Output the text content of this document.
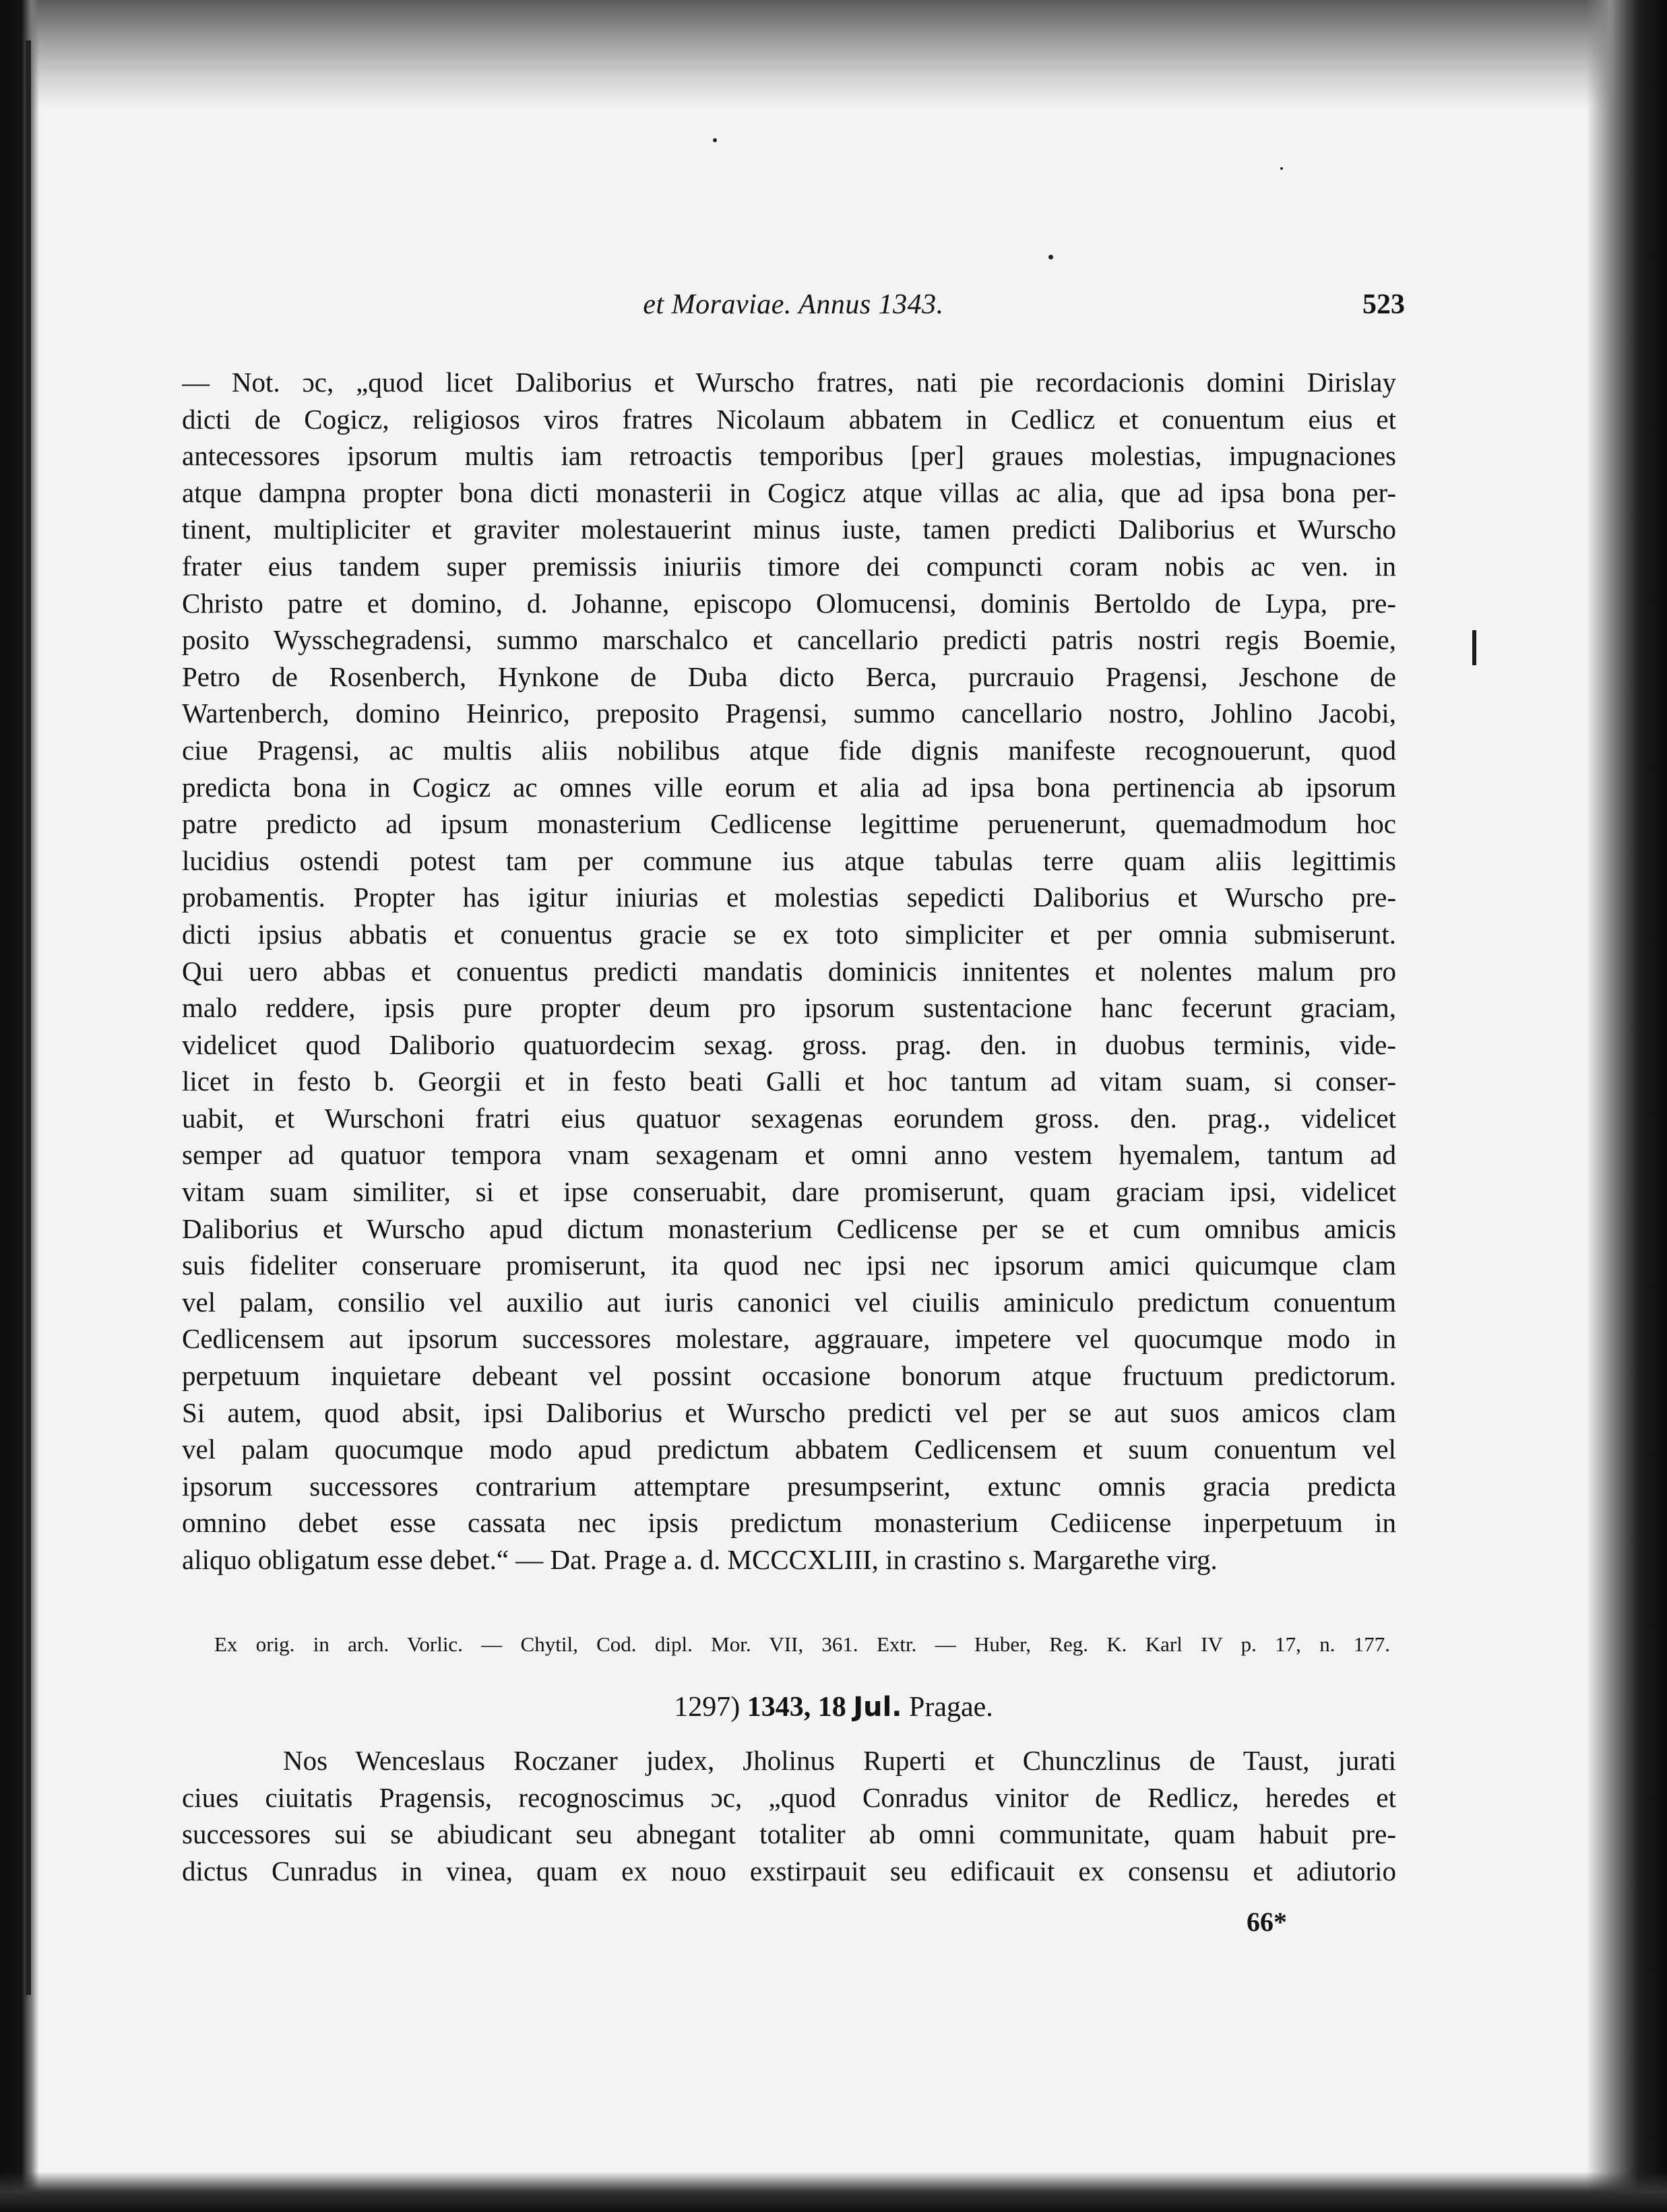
et Moraviae. Annus 1343.	523
— Not. ɔc, „quod licet Daliborius et Wurscho fratres, nati pie recordacionis domini Dirislay
dicti de Cogicz, religiosos viros fratres Nicolaum abbatem in Cedlicz et conuentum eius et
antecessores ipsorum multis iam retroactis temporibus [per] graues molestias, impugnaciones
atque dampna propter bona dicti monasterii in Cogicz atque villas ac alia, que ad ipsa bona per-
tinent, multipliciter et graviter molestauerint minus iuste, tamen predicti Daliborius et Wurscho
frater eius tandem super premissis iniuriis timore dei compuncti coram nobis ac ven. in
Christo patre et domino, d. Johanne, episcopo Olomucensi, dominis Bertoldo de Lypa, pre-
posito Wysschegradensi, summo marschalco et cancellario predicti patris nostri regis Boemie,
Petro de Rosenberch, Hynkone de Duba dicto Berca, purcrauio Pragensi, Jeschone de
Wartenberch, domino Heinrico, preposito Pragensi, summo cancellario nostro, Johlino Jacobi,
ciue Pragensi, ac multis aliis nobilibus atque fide dignis manifeste recognouerunt, quod
predicta bona in Cogicz ac omnes ville eorum et alia ad ipsa bona pertinencia ab ipsorum
patre predicto ad ipsum monasterium Cedlicense legittime peruenerunt, quemadmodum hoc
lucidius ostendi potest tam per commune ius atque tabulas terre quam aliis legittimis
probamentis. Propter has igitur iniurias et molestias sepedicti Daliborius et Wurscho pre-
dicti ipsius abbatis et conuentus gracie se ex toto simpliciter et per omnia submiserunt.
Qui uero abbas et conuentus predicti mandatis dominicis innitentes et nolentes malum pro
malo reddere, ipsis pure propter deum pro ipsorum sustentacione hanc fecerunt graciam,
videlicet quod Daliborio quatuordecim sexag. gross. prag. den. in duobus terminis, vide-
licet in festo b. Georgii et in festo beati Galli et hoc tantum ad vitam suam, si conser-
uabit, et Wurschoni fratri eius quatuor sexagenas eorundem gross. den. prag., videlicet
semper ad quatuor tempora vnam sexagenam et omni anno vestem hyemalem, tantum ad
vitam suam similiter, si et ipse conseruabit, dare promiserunt, quam graciam ipsi, videlicet
Daliborius et Wurscho apud dictum monasterium Cedlicense per se et cum omnibus amicis
suis fideliter conseruare promiserunt, ita quod nec ipsi nec ipsorum amici quicumque clam
vel palam, consilio vel auxilio aut iuris canonici vel ciuilis aminiculo predictum conuentum
Cedlicensem aut ipsorum successores molestare, aggrauare, impetere vel quocumque modo in
perpetuum inquietare debeant vel possint occasione bonorum atque fructuum predictorum.
Si autem, quod absit, ipsi Daliborius et Wurscho predicti vel per se aut suos amicos clam
vel palam quocumque modo apud predictum abbatem Cedlicensem et suum conuentum vel
ipsorum successores contrarium attemptare presumpserint, extunc omnis gracia predicta
omnino debet esse cassata nec ipsis predictum monasterium Cediicense inperpetuum in
aliquo obligatum esse debet.“ — Dat. Prage a. d. MCCCXLIII, in crastino s. Margarethe virg.
Ex orig. in arch. Vorlic. — Chytil, Cod. dipl. Mor. VII, 361. Extr. — Huber, Reg. K. Karl IV p. 17, n. 177.
1297) 1343, 18 Jul. Pragae.
Nos Wenceslaus Roczaner judex, Jholinus Ruperti et Chunczlinus de Taust, jurati
cіues ciuitatis Pragensis, recognoscimus ɔc, „quod Conradus vinitor de Redlicz, heredes et
successores sui se abiudicant seu abnegant totaliter ab omni communitate, quam habuit pre-
dictus Cunradus in vinea, quam ex nouo exstirpauit seu edificauit ex consensu et adiutorio
66*
